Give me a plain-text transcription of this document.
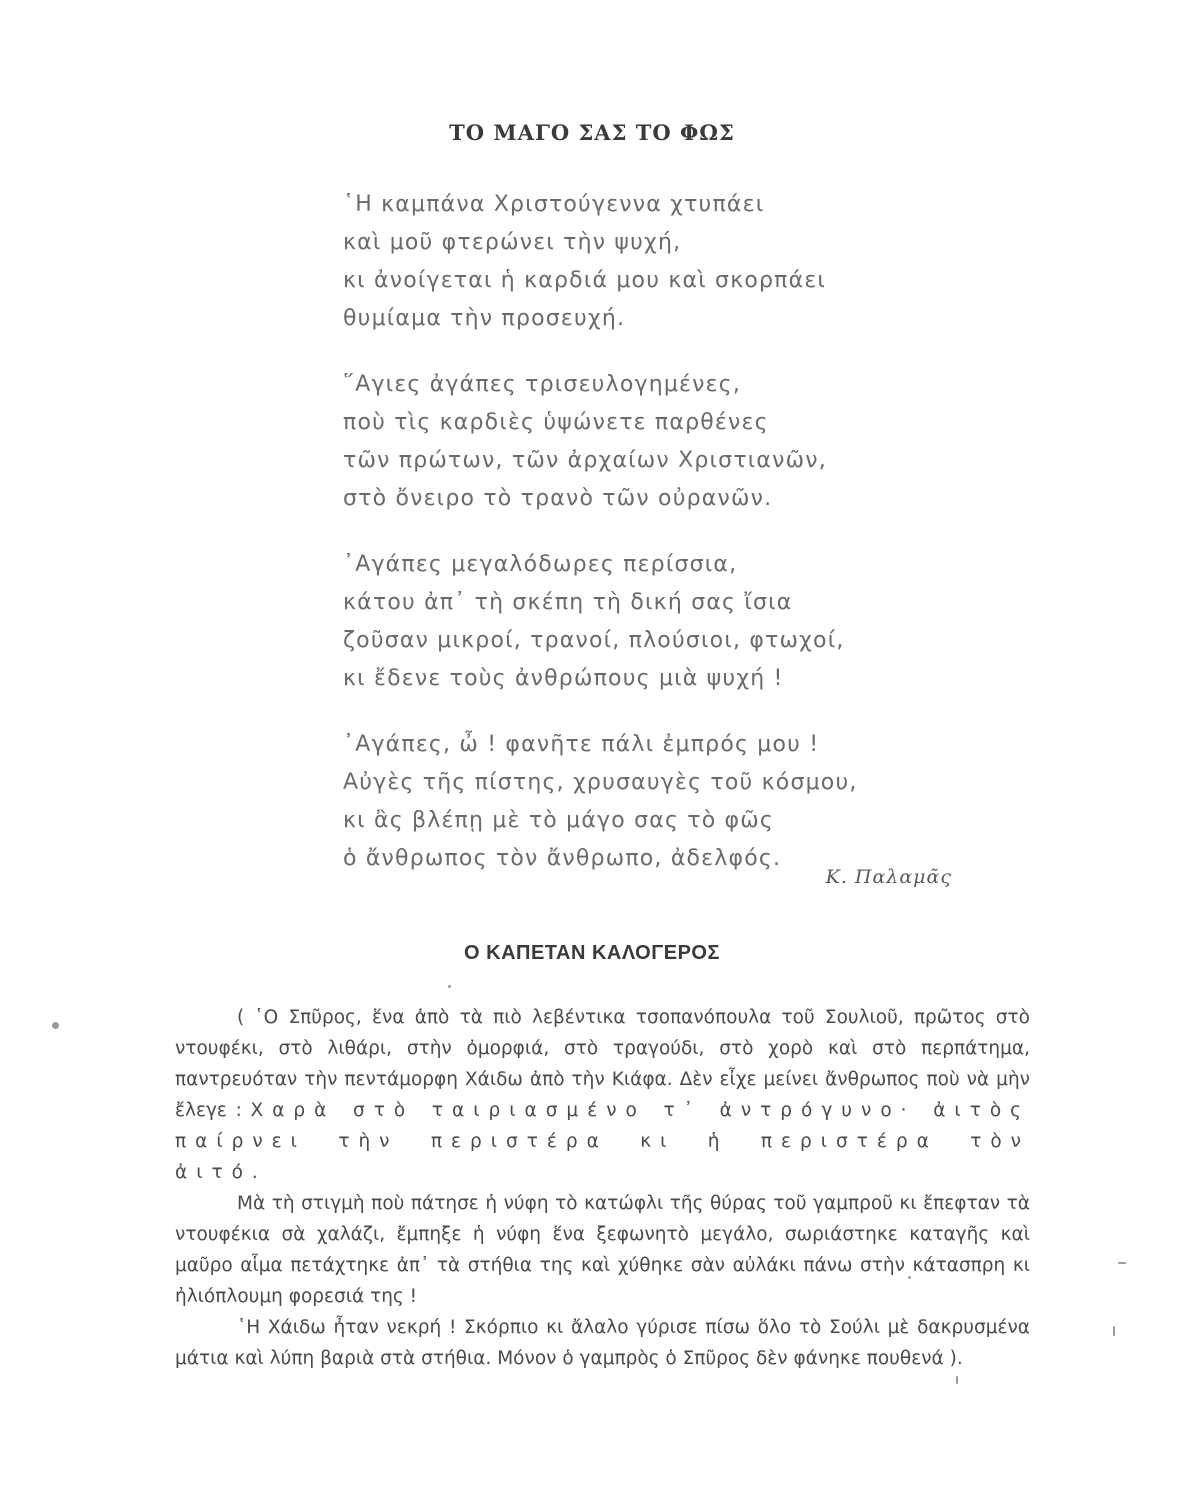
ΤΟ ΜΑΓΟ ΣΑΣ ΤΟ ΦΩΣ
῾Η καμπάνα Χριστούγεννα χτυπάει
καὶ μοῦ φτερώνει τὴν ψυχή,
κι ἀνοίγεται ἡ καρδιά μου καὶ σκορπάει
θυμίαμα τὴν προσευχή.
῞Αγιες ἀγάπες τρισευλογημένες,
ποὺ τὶς καρδιὲς ὑψώνετε παρθένες
τῶν πρώτων, τῶν ἀρχαίων Χριστιανῶν,
στὸ ὄνειρο τὸ τρανὸ τῶν οὐρανῶν.
᾿Αγάπες μεγαλόδωρες περίσσια,
κάτου ἀπ᾿ τὴ σκέπη τὴ δική σας ἴσια
ζοῦσαν μικροί, τρανοί, πλούσιοι, φτωχοί,
κι ἔδενε τοὺς ἀνθρώπους μιὰ ψυχή !
᾿Αγάπες, ὦ ! φανῆτε πάλι ἐμπρός μου !
Αὐγὲς τῆς πίστης, χρυσαυγὲς τοῦ κόσμου,
κι ἂς βλέπῃ μὲ τὸ μάγο σας τὸ φῶς
ὁ ἄνθρωπος τὸν ἄνθρωπο, ἀδελφός.
Κ. Παλαμᾶς
Ο ΚΑΠΕΤΑΝ ΚΑΛΟΓΕΡΟΣ

( ῾Ο Σπῦρος, ἕνα ἀπὸ τὰ πιὸ λεβέντικα τσοπανόπουλα τοῦ Σουλιοῦ, πρῶτος στὸ ντουφέκι, στὸ λιθάρι, στὴν ὀμορφιά, στὸ τραγούδι, στὸ χορὸ καὶ στὸ περπάτημα, παντρευόταν τὴν πεντάμορφη Χάιδω ἀπὸ τὴν Κιάφα. Δὲν εἶχε μείνει ἄνθρωπος ποὺ νὰ μὴν ἔλεγε : Χαρὰ στὸ ταιριασμένο τ᾿ ἀντρόγυνο· ἀιτὸς παίρνει τὴν περιστέρα κι ἡ περιστέρα τὸν ἀιτό.

Μὰ τὴ στιγμὴ ποὺ πάτησε ἡ νύφη τὸ κατώφλι τῆς θύρας τοῦ γαμπροῦ κι ἔπεφταν τὰ ντουφέκια σὰ χαλάζι, ἔμπηξε ἡ νύφη ἕνα ξεφωνητὸ μεγάλο, σωριάστηκε καταγῆς καὶ μαῦρο αἷμα πετάχτηκε ἀπ᾿ τὰ στήθια της καὶ χύθηκε σὰν αὐλάκι πάνω στὴν κάτασπρη κι ἠλιόπλουμη φορεσιά της !

῾Η Χάιδω ἦταν νεκρή ! Σκόρπιο κι ἄλαλο γύρισε πίσω ὅλο τὸ Σούλι μὲ δακρυσμένα μάτια καὶ λύπη βαριὰ στὰ στήθια. Μόνον ὁ γαμπρὸς ὁ Σπῦρος δὲν φάνηκε πουθενά ).
